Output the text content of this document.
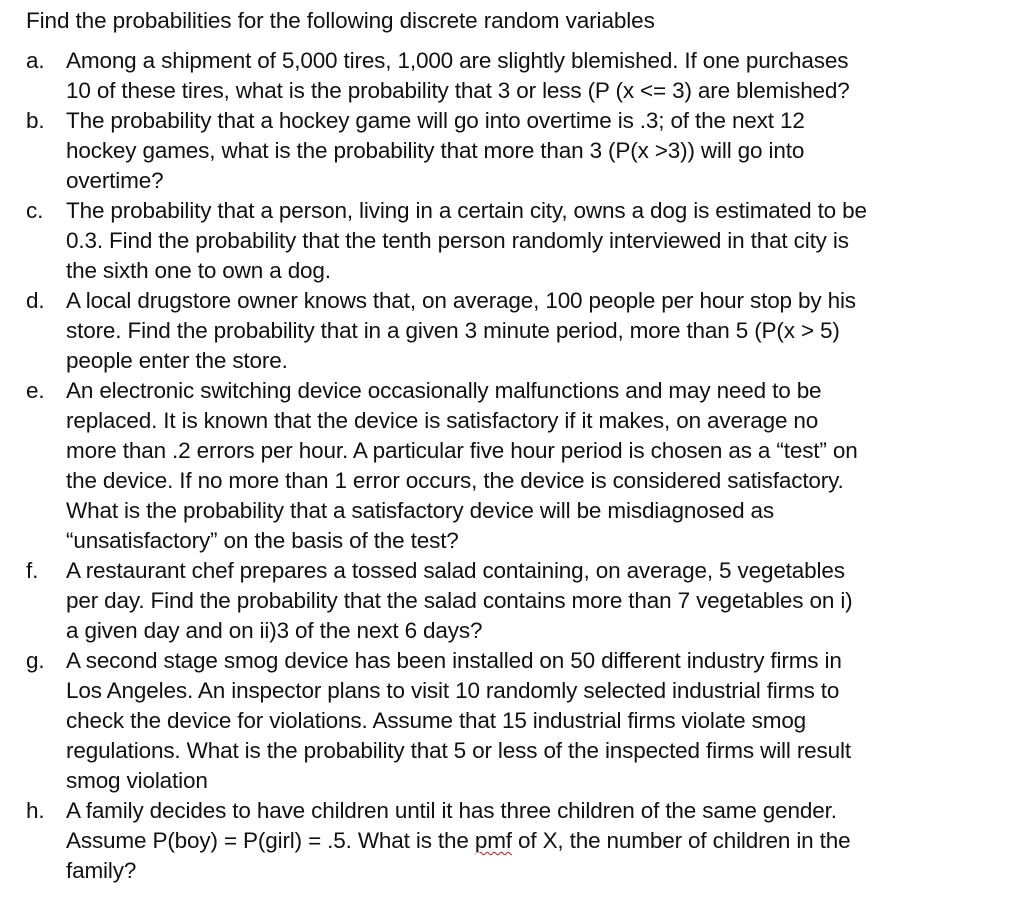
Find the probabilities for the following discrete random variables
a. Among a shipment of 5,000 tires, 1,000 are slightly blemished. If one purchases
10 of these tires, what is the probability that 3 or less (P (x <= 3) are blemished?
b. The probability that a hockey game will go into overtime is .3; of the next 12
hockey games, what is the probability that more than 3 (P(x >3)) will go into
overtime?
c.	The probability that a person, living in a certain city, owns a dog is estimated to be
0.3. Find the probability that the tenth person randomly interviewed in that city is
the sixth one to own a dog.
d. A local drugstore owner knows that, on average, 100 people per hour stop by his
store. Find the probability that in a given 3 minute period, more than 5 (P(x > 5)
people enter the store.
e. An electronic switching device occasionally malfunctions and may need to be
replaced. It is known that the device is satisfactory if it makes, on average no
more than .2 errors per hour. A particular five hour period is chosen as a “test” on
the device. If no more than 1 error occurs, the device is considered satisfactory.
What is the probability that a satisfactory device will be misdiagnosed as
“unsatisfactory” on the basis of the test?
f.	A restaurant chef prepares a tossed salad containing, on average, 5 vegetables
per day. Find the probability that the salad contains more than 7 vegetables on i)
a given day and on ii)3 of the next 6 days?
g. A second stage smog device has been installed on 50 different industry firms in
Los Angeles. An inspector plans to visit 10 randomly selected industrial firms to
check the device for violations. Assume that 15 industrial firms violate smog
regulations. What is the probability that 5 or less of the inspected firms will result
smog violation
h. A family decides to have children until it has three children of the same gender.
Assume P(boy) = P(girl) = .5. What is the pmf of X, the number of children in the
family?
